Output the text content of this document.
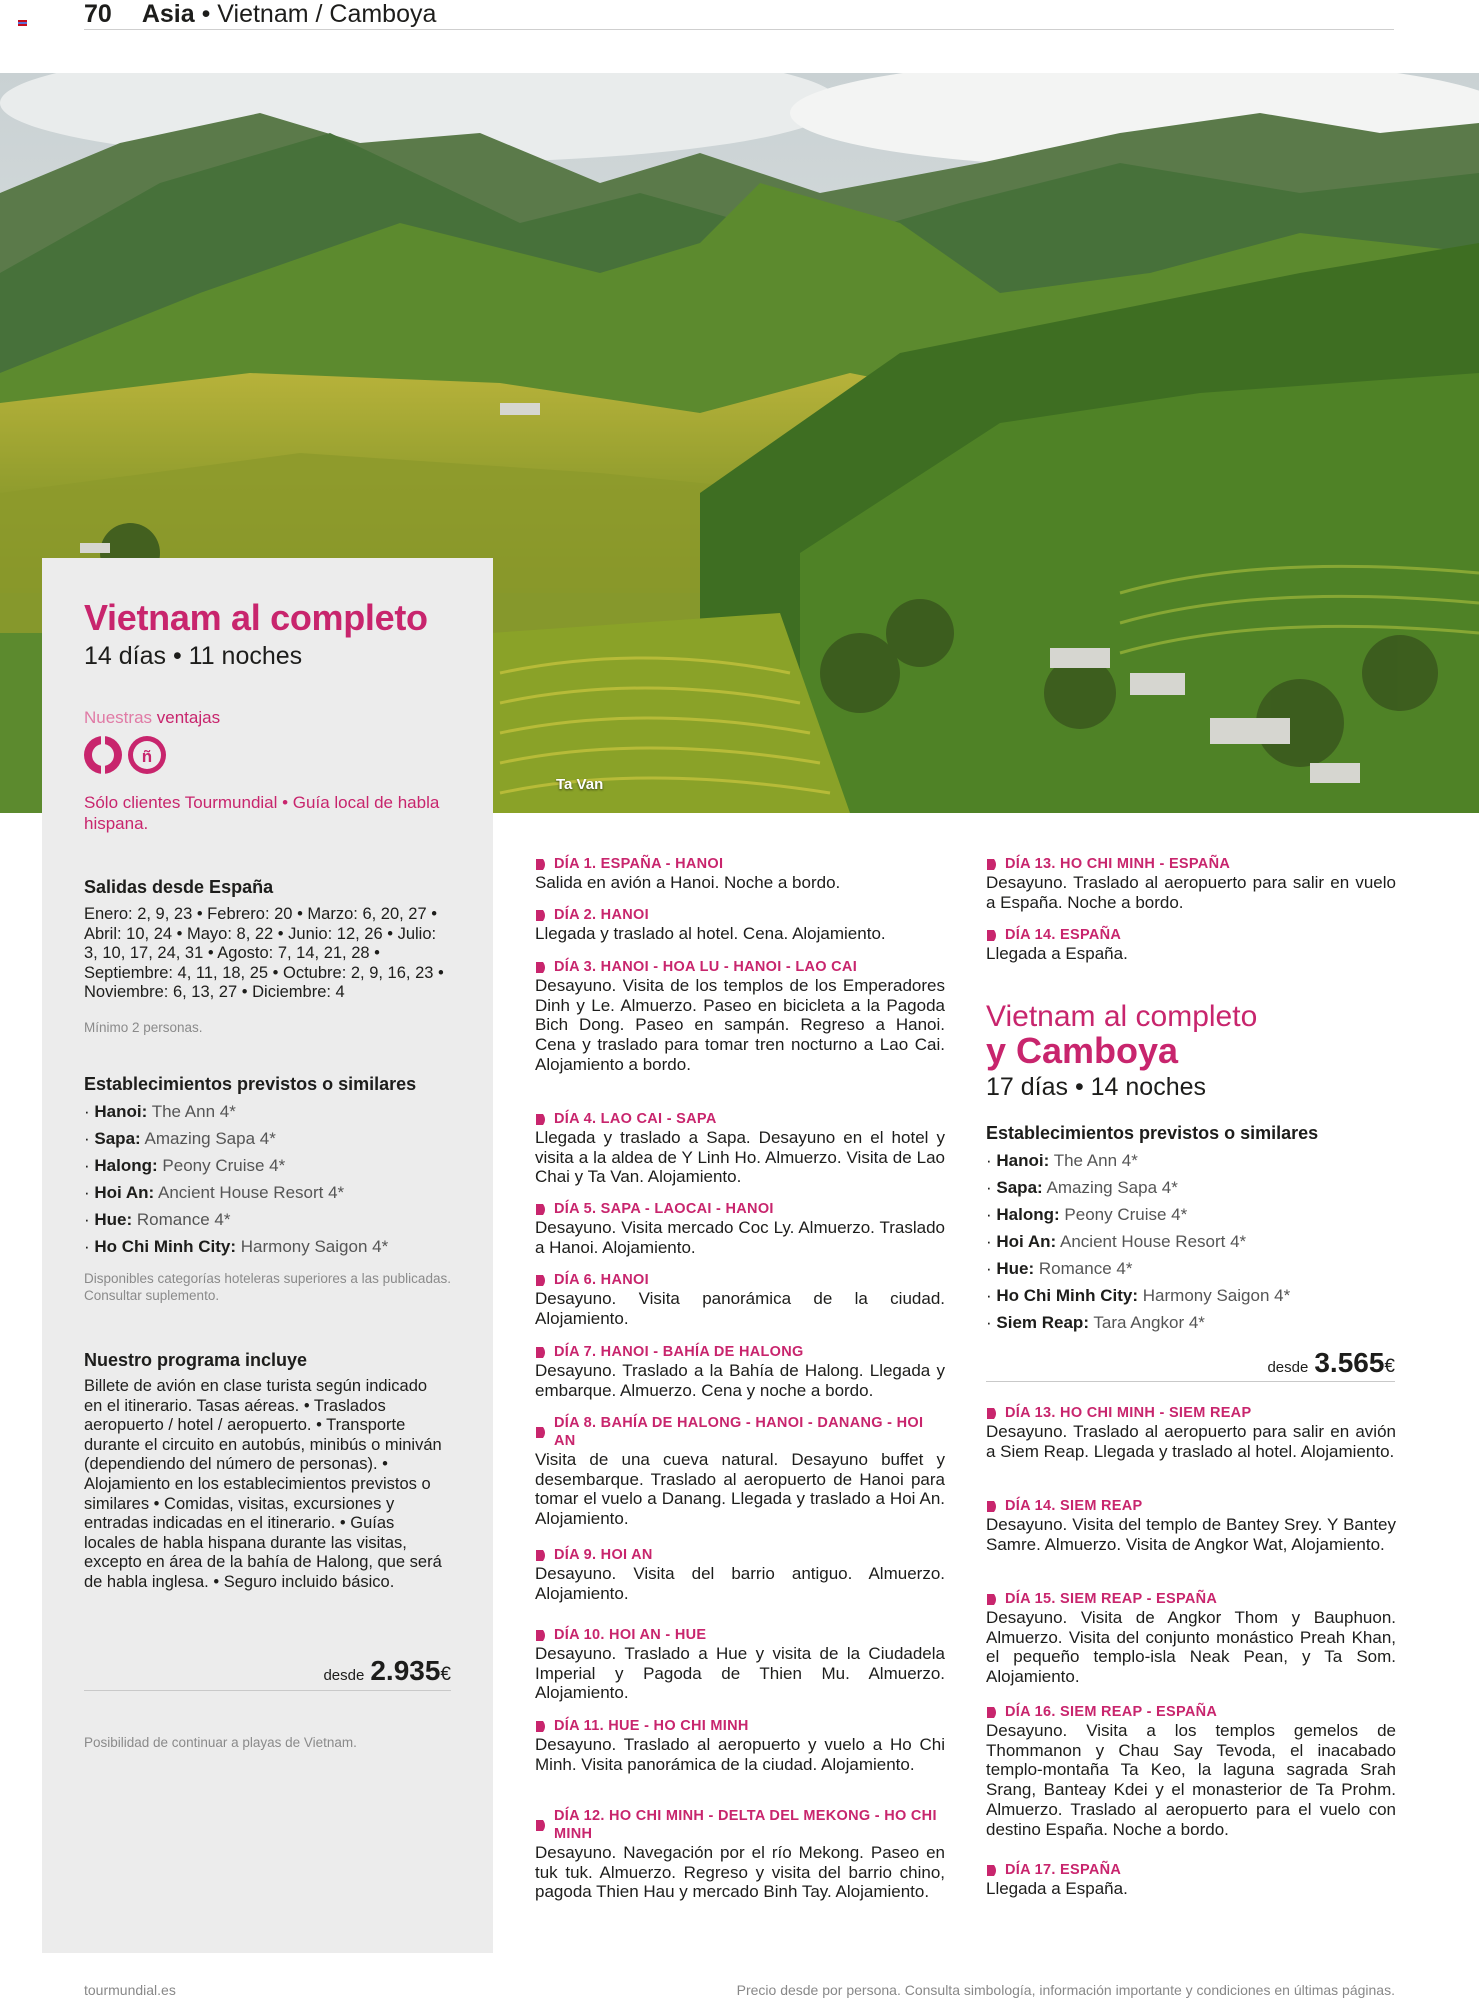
70 Asia • Vietnam / Camboya
Ta Van
Vietnam al completo
14 días • 11 noches
Nuestras ventajas
ñ
Sólo clientes Tourmundial • Guía local de habla hispana.
Salidas desde España
Enero: 2, 9, 23 • Febrero: 20 • Marzo: 6, 20, 27 • Abril: 10, 24 • Mayo: 8, 22 • Junio: 12, 26 • Julio: 3, 10, 17, 24, 31 • Agosto: 7, 14, 21, 28 • Septiembre: 4, 11, 18, 25 • Octubre: 2, 9, 16, 23 • Noviembre: 6, 13, 27 • Diciembre: 4
Mínimo 2 personas.
Establecimientos previstos o similares
· Hanoi: The Ann 4*
· Sapa: Amazing Sapa 4*
· Halong: Peony Cruise 4*
· Hoi An: Ancient House Resort 4*
· Hue: Romance 4*
· Ho Chi Minh City: Harmony Saigon 4*
Disponibles categorías hoteleras superiores a las publicadas. Consultar suplemento.
Nuestro programa incluye
Billete de avión en clase turista según indicado en el itinerario. Tasas aéreas. • Traslados aeropuerto / hotel / aeropuerto. • Transporte durante el circuito en autobús, minibús o miniván (dependiendo del número de personas). • Alojamiento en los establecimientos previstos o similares • Comidas, visitas, excursiones y entradas indicadas en el itinerario. • Guías locales de habla hispana durante las visitas, excepto en área de la bahía de Halong, que será de habla inglesa. • Seguro incluido básico.
desde 2.935€
Posibilidad de continuar a playas de Vietnam.
DÍA 1. ESPAÑA - HANOI
Salida en avión a Hanoi. Noche a bordo.
DÍA 2. HANOI
Llegada y traslado al hotel. Cena. Alojamiento.
DÍA 3. HANOI - HOA LU - HANOI - LAO CAI
Desayuno. Visita de los templos de los Emperadores Dinh y Le. Almuerzo. Paseo en bicicleta a la Pagoda Bich Dong. Paseo en sampán. Regreso a Hanoi. Cena y traslado para tomar tren nocturno a Lao Cai. Alojamiento a bordo.
DÍA 4. LAO CAI - SAPA
Llegada y traslado a Sapa. Desayuno en el hotel y visita a la aldea de Y Linh Ho. Almuerzo. Visita de Lao Chai y Ta Van. Alojamiento.
DÍA 5. SAPA - LAOCAI - HANOI
Desayuno. Visita mercado Coc Ly. Almuerzo. Traslado a Hanoi. Alojamiento.
DÍA 6. HANOI
Desayuno. Visita panorámica de la ciudad. Alojamiento.
DÍA 7. HANOI - BAHÍA DE HALONG
Desayuno. Traslado a la Bahía de Halong. Llegada y embarque. Almuerzo. Cena y noche a bordo.
DÍA 8. BAHÍA DE HALONG - HANOI - DANANG - HOI AN
Visita de una cueva natural. Desayuno buffet y desembarque. Traslado al aeropuerto de Hanoi para tomar el vuelo a Danang. Llegada y traslado a Hoi An. Alojamiento.
DÍA 9. HOI AN
Desayuno. Visita del barrio antiguo. Almuerzo. Alojamiento.
DÍA 10. HOI AN - HUE
Desayuno. Traslado a Hue y visita de la Ciudadela Imperial y Pagoda de Thien Mu. Almuerzo. Alojamiento.
DÍA 11. HUE - HO CHI MINH
Desayuno. Traslado al aeropuerto y vuelo a Ho Chi Minh. Visita panorámica de la ciudad. Alojamiento.
DÍA 12. HO CHI MINH - DELTA DEL MEKONG - HO CHI MINH
Desayuno. Navegación por el río Mekong. Paseo en tuk tuk. Almuerzo. Regreso y visita del barrio chino, pagoda Thien Hau y mercado Binh Tay. Alojamiento.
DÍA 13. HO CHI MINH - ESPAÑA
Desayuno. Traslado al aeropuerto para salir en vuelo a España. Noche a bordo.
DÍA 14. ESPAÑA
Llegada a España.
Vietnam al completo
y Camboya
17 días • 14 noches
Establecimientos previstos o similares
· Hanoi: The Ann 4*
· Sapa: Amazing Sapa 4*
· Halong: Peony Cruise 4*
· Hoi An: Ancient House Resort 4*
· Hue: Romance 4*
· Ho Chi Minh City: Harmony Saigon 4*
· Siem Reap: Tara Angkor 4*
desde 3.565€
DÍA 13. HO CHI MINH - SIEM REAP
Desayuno. Traslado al aeropuerto para salir en avión a Siem Reap. Llegada y traslado al hotel. Alojamiento.
DÍA 14. SIEM REAP
Desayuno. Visita del templo de Bantey Srey. Y Bantey Samre. Almuerzo. Visita de Angkor Wat, Alojamiento.
DÍA 15. SIEM REAP - ESPAÑA
Desayuno. Visita de Angkor Thom y Bauphuon. Almuerzo. Visita del conjunto monástico Preah Khan, el pequeño templo-isla Neak Pean, y Ta Som. Alojamiento.
DÍA 16. SIEM REAP - ESPAÑA
Desayuno. Visita a los templos gemelos de Thommanon y Chau Say Tevoda, el inacabado templo-montaña Ta Keo, la laguna sagrada Srah Srang, Banteay Kdei y el monasterior de Ta Prohm. Almuerzo. Traslado al aeropuerto para el vuelo con destino España. Noche a bordo.
DÍA 17. ESPAÑA
Llegada a España.
tourmundial.es	Precio desde por persona. Consulta simbología, información importante y condiciones en últimas páginas.
